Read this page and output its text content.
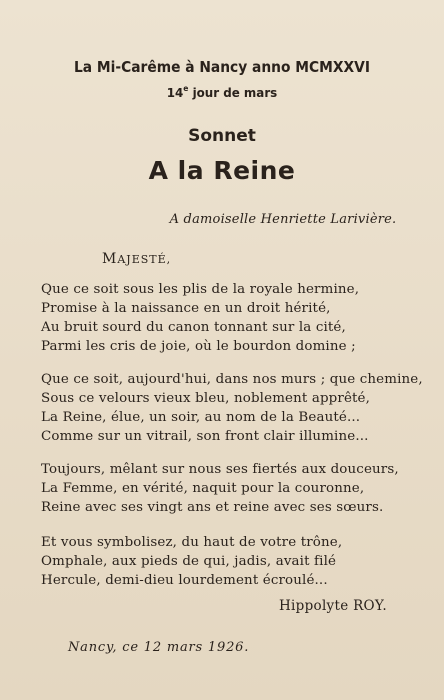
La Mi-Carême à Nancy anno MCMXXVI
14e jour de mars
Sonnet
A la Reine
A damoiselle Henriette Larivière.
MAJESTÉ,
Que ce soit sous les plis de la royale hermine,
Promise à la naissance en un droit hérité,
Au bruit sourd du canon tonnant sur la cité,
Parmi les cris de joie, où le bourdon domine ;
Que ce soit, aujourd'hui, dans nos murs ; que chemine,
Sous ce velours vieux bleu, noblement apprêté,
La Reine, élue, un soir, au nom de la Beauté...
Comme sur un vitrail, son front clair illumine...
Toujours, mêlant sur nous ses fiertés aux douceurs,
La Femme, en vérité, naquit pour la couronne,
Reine avec ses vingt ans et reine avec ses sœurs.
Et vous symbolisez, du haut de votre trône,
Omphale, aux pieds de qui, jadis, avait filé
Hercule, demi-dieu lourdement écroulé...
Hippolyte ROY.
Nancy, ce 12 mars 1926.
